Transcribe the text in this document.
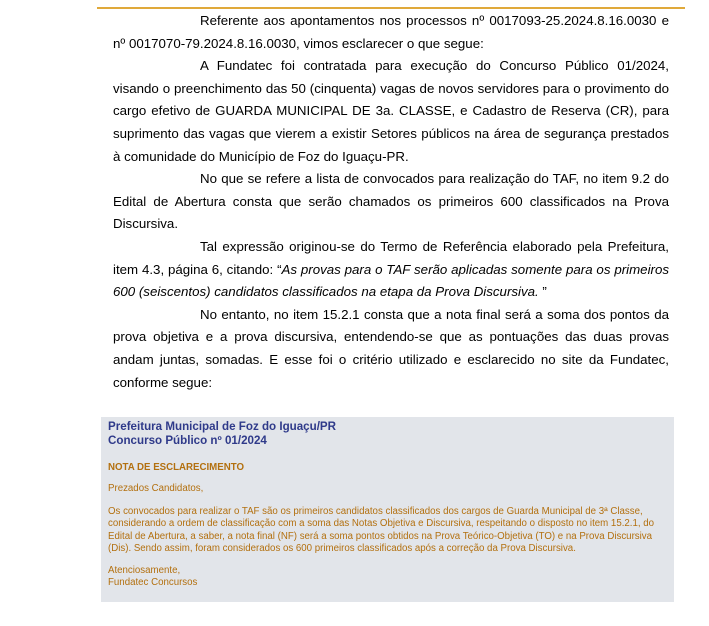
Referente aos apontamentos nos processos nº 0017093-25.2024.8.16.0030 e nº 0017070-79.2024.8.16.0030, vimos esclarecer o que segue:

A Fundatec foi contratada para execução do Concurso Público 01/2024, visando o preenchimento das 50 (cinquenta) vagas de novos servidores para o provimento do cargo efetivo de GUARDA MUNICIPAL DE 3a. CLASSE, e Cadastro de Reserva (CR), para suprimento das vagas que vierem a existir Setores públicos na área de segurança prestados à comunidade do Município de Foz do Iguaçu-PR.

No que se refere a lista de convocados para realização do TAF, no item 9.2 do Edital de Abertura consta que serão chamados os primeiros 600 classificados na Prova Discursiva.

Tal expressão originou-se do Termo de Referência elaborado pela Prefeitura, item 4.3, página 6, citando: “As provas para o TAF serão aplicadas somente para os primeiros 600 (seiscentos) candidatos classificados na etapa da Prova Discursiva. ”

No entanto, no item 15.2.1 consta que a nota final será a soma dos pontos da prova objetiva e a prova discursiva, entendendo-se que as pontuações das duas provas andam juntas, somadas. E esse foi o critério utilizado e esclarecido no site da Fundatec, conforme segue:

Prefeitura Municipal de Foz do Iguaçu/PR
Concurso Público nº 01/2024
NOTA DE ESCLARECIMENTO
Prezados Candidatos,
Os convocados para realizar o TAF são os primeiros candidatos classificados dos cargos de Guarda Municipal de 3ª Classe, considerando a ordem de classificação com a soma das Notas Objetiva e Discursiva, respeitando o disposto no item 15.2.1, do Edital de Abertura, a saber, a nota final (NF) será a soma pontos obtidos na Prova Teórico-Objetiva (TO) e na Prova Discursiva (Dis). Sendo assim, foram considerados os 600 primeiros classificados após a correção da Prova Discursiva.
Atenciosamente,
Fundatec Concursos
